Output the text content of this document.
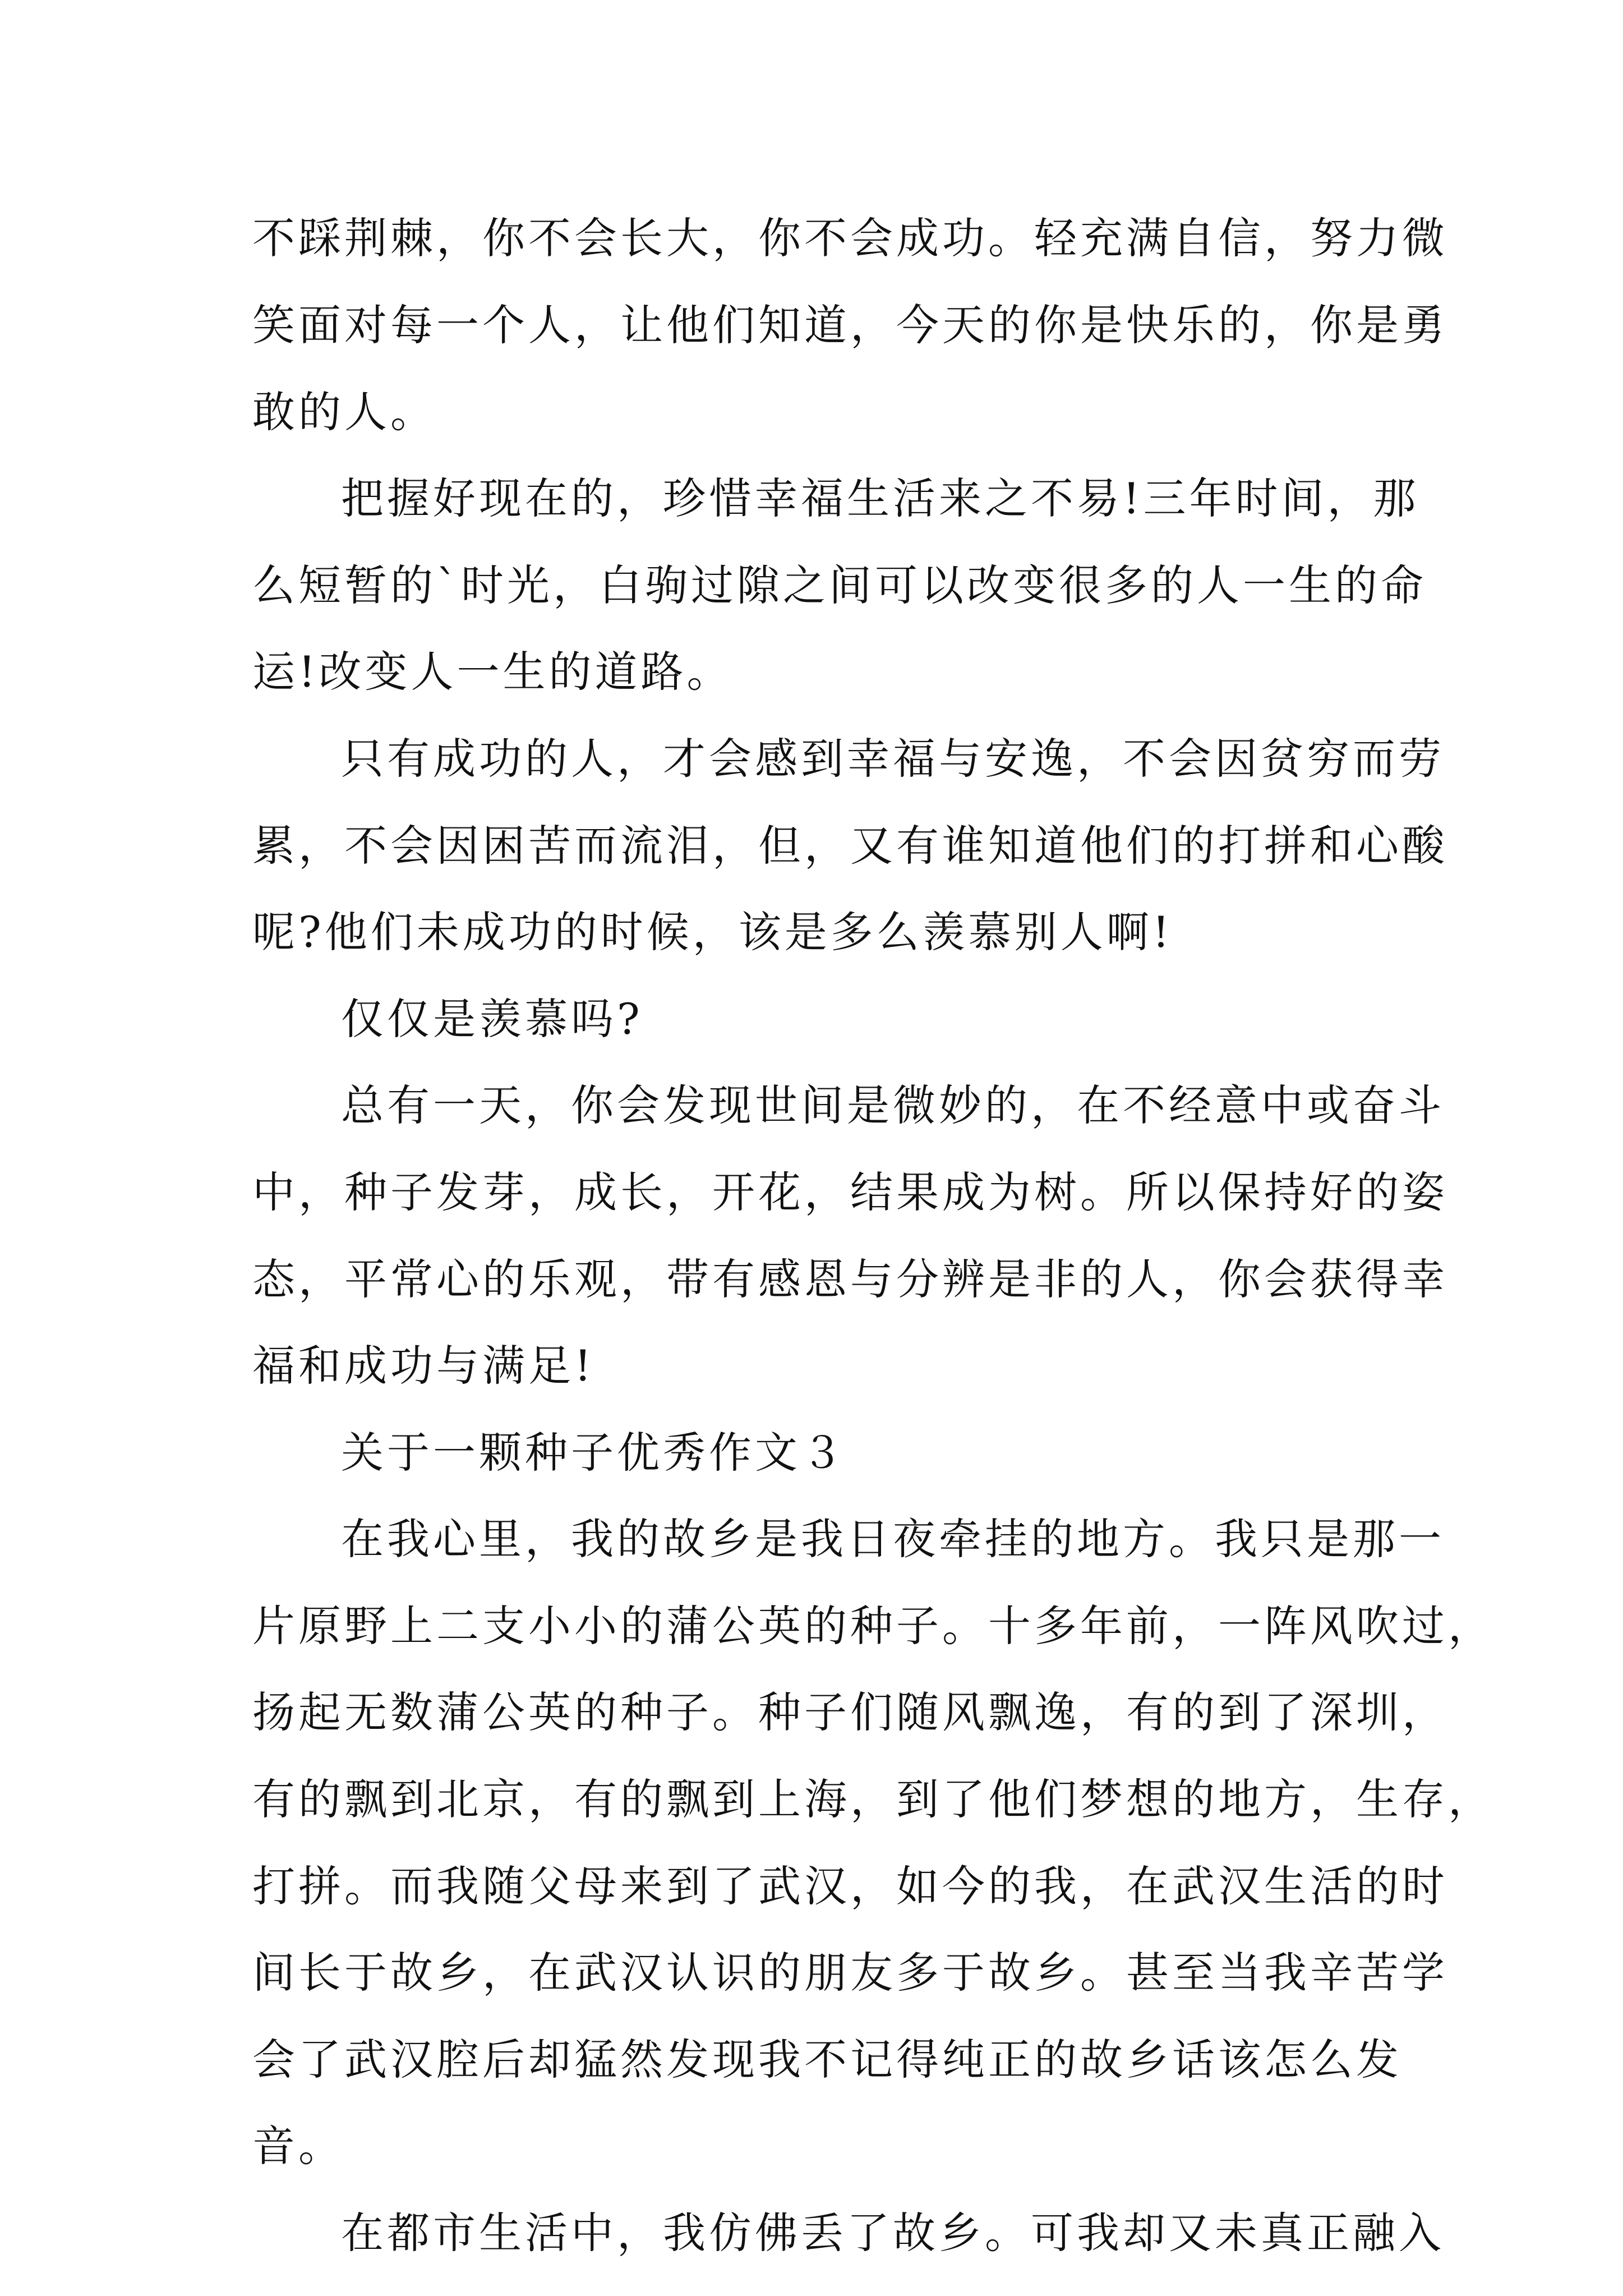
不踩荆棘，你不会长大，你不会成功。轻充满自信，努力微
笑面对每一个人，让他们知道，今天的你是快乐的，你是勇
敢的人。
把握好现在的，珍惜幸福生活来之不易!三年时间，那
么短暂的`时光，白驹过隙之间可以改变很多的人一生的命
运!改变人一生的道路。
只有成功的人，才会感到幸福与安逸，不会因贫穷而劳
累，不会因困苦而流泪，但，又有谁知道他们的打拼和心酸
呢?他们未成功的时候，该是多么羡慕别人啊!
仅仅是羡慕吗?
总有一天，你会发现世间是微妙的，在不经意中或奋斗
中，种子发芽，成长，开花，结果成为树。所以保持好的姿
态，平常心的乐观，带有感恩与分辨是非的人，你会获得幸
福和成功与满足!
关于一颗种子优秀作文３
在我心里，我的故乡是我日夜牵挂的地方。我只是那一
片原野上二支小小的蒲公英的种子。十多年前，一阵风吹过，
扬起无数蒲公英的种子。种子们随风飘逸，有的到了深圳，
有的飘到北京，有的飘到上海，到了他们梦想的地方，生存，
打拼。而我随父母来到了武汉，如今的我，在武汉生活的时
间长于故乡，在武汉认识的朋友多于故乡。甚至当我辛苦学
会了武汉腔后却猛然发现我不记得纯正的故乡话该怎么发
音。
在都市生活中，我仿佛丢了故乡。可我却又未真正融入
